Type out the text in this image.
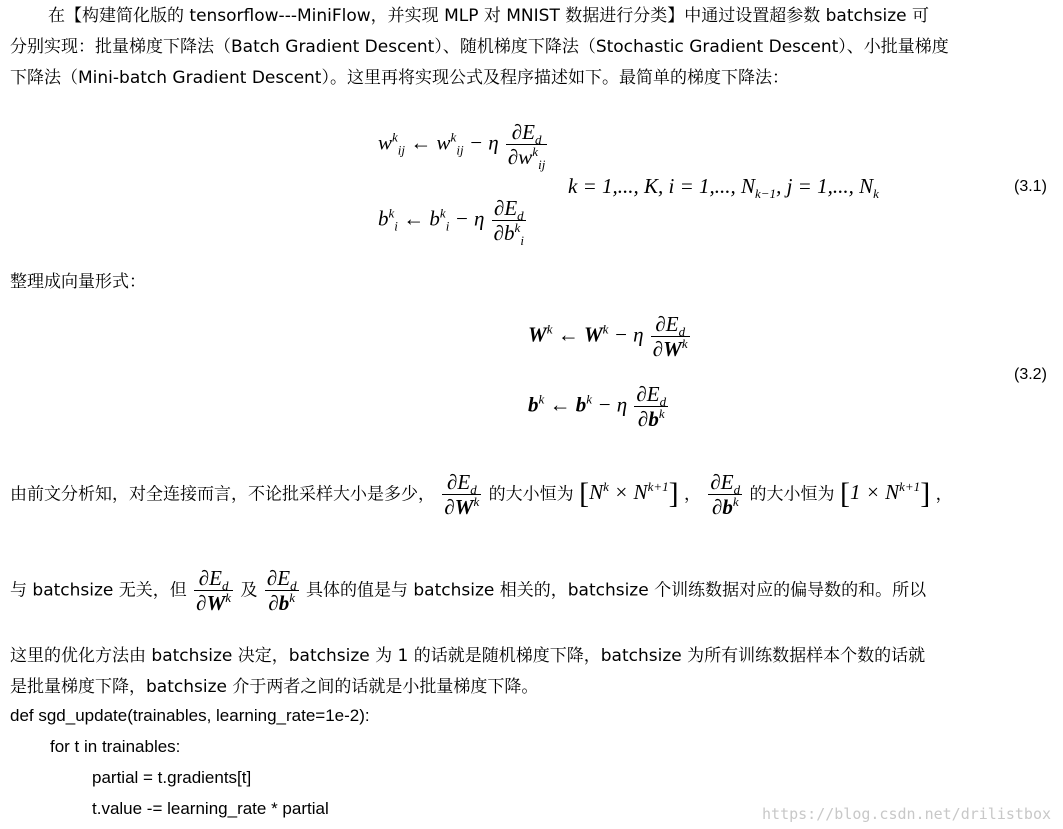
在【构建简化版的 tensorflow---MiniFlow，并实现 MLP 对 MNIST 数据进行分类】中通过设置超参数 batchsize 可
分别实现：批量梯度下降法（Batch Gradient Descent）、随机梯度下降法（Stochastic Gradient Descent）、小批量梯度
下降法（Mini-batch Gradient Descent）。这里再将实现公式及程序描述如下。最简单的梯度下降法：
$w^k_{ij}$ ← $w^k_{ij} - \eta \frac{\partial E_d}{\partial w^k_{ij}}$
$b^k_i$ ← $b^k_i - \eta \frac{\partial E_d}{\partial b^k_i}$
k = 1,..., K, i = 1,..., $N_{k-1}$, j = 1,..., $N_k$	(3.1)
整理成向量形式：
$W^k$ ← $W^k - \eta \frac{\partial E_d}{\partial W^k}$
$b^k$ ← $b^k - \eta \frac{\partial E_d}{\partial b^k}$
(3.2)
由前文分析知，对全连接而言，不论批采样大小是多少， $\frac{\partial E_d}{\partial W^k}$ 的大小恒为 $[N^k \times N^{k+1}]$ ， $\frac{\partial E_d}{\partial b^k}$ 的大小恒为 $[1 \times N^{k+1}]$ ，
与 batchsize 无关，但 $\frac{\partial E_d}{\partial W^k}$ 及 $\frac{\partial E_d}{\partial b^k}$ 具体的值是与 batchsize 相关的，batchsize 个训练数据对应的偏导数的和。所以
这里的优化方法由 batchsize 决定，batchsize 为 1 的话就是随机梯度下降，batchsize 为所有训练数据样本个数的话就
是批量梯度下降，batchsize 介于两者之间的话就是小批量梯度下降。
def sgd_update(trainables, learning_rate=1e-2):
for t in trainables:
partial = t.gradients[t]
t.value -= learning_rate * partial	https://blog.csdn.net/drilistbox
